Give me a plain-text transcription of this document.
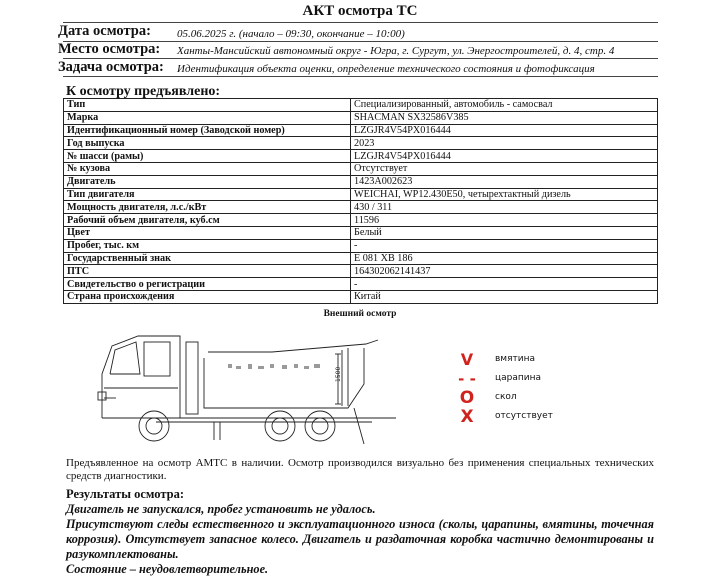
АКТ осмотра ТС
Дата осмотра: 05.06.2025 г. (начало – 09:30, окончание – 10:00)
Место осмотра: Ханты-Мансийский автономный округ - Югра, г. Сургут, ул. Энергостроителей, д. 4, стр. 4
Задача осмотра: Идентификация объекта оценки, определение технического состояния и фотофиксация
К осмотру предъявлено:
Тип	Специализированный, автомобиль - самосвал
Марка	SHACMAN SX32586V385
Идентификационный номер (Заводской номер)	LZGJR4V54PX016444
Год выпуска	2023
№ шасси (рамы)	LZGJR4V54PX016444
№ кузова	Отсутствует
Двигатель	1423A002623
Тип двигателя	WEICHAI, WP12.430E50, четырехтактный дизель
Мощность двигателя, л.с./кВт	430 / 311
Рабочий объем двигателя, куб.см	11596
Цвет	Белый
Пробег, тыс. км	-
Государственный знак	Е 081 ХВ 186
ПТС	164302062141437
Свидетельство о регистрации	-
Страна происхождения	Китай
Внешний осмотр
1500
V	вмятина
- -	царапина
O	скол
X	отсутствует
Предъявленное на осмотр АМТС в наличии. Осмотр производился визуально без применения специальных технических средств диагностики.
Результаты осмотра:
Двигатель не запускался, пробег установить не удалось.
Присутствуют следы естественного и эксплуатационного износа (сколы, царапины, вмятины, точечная коррозия). Отсутствует запасное колесо. Двигатель и раздаточная коробка частично демонтированы и разукомплектованы.
Состояние – неудовлетворительное.
